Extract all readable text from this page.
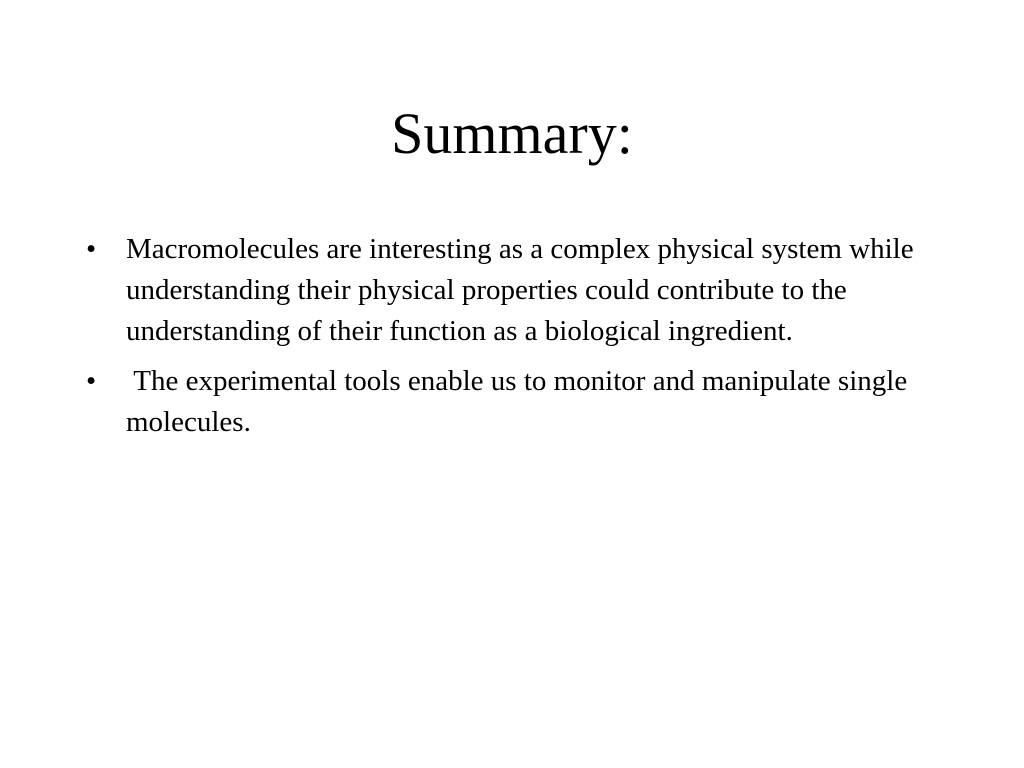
Summary:
•	Macromolecules are interesting as a complex physical system while understanding their physical properties could contribute to the understanding of their function as a biological ingredient.
•	The experimental tools enable us to monitor and manipulate single molecules.
